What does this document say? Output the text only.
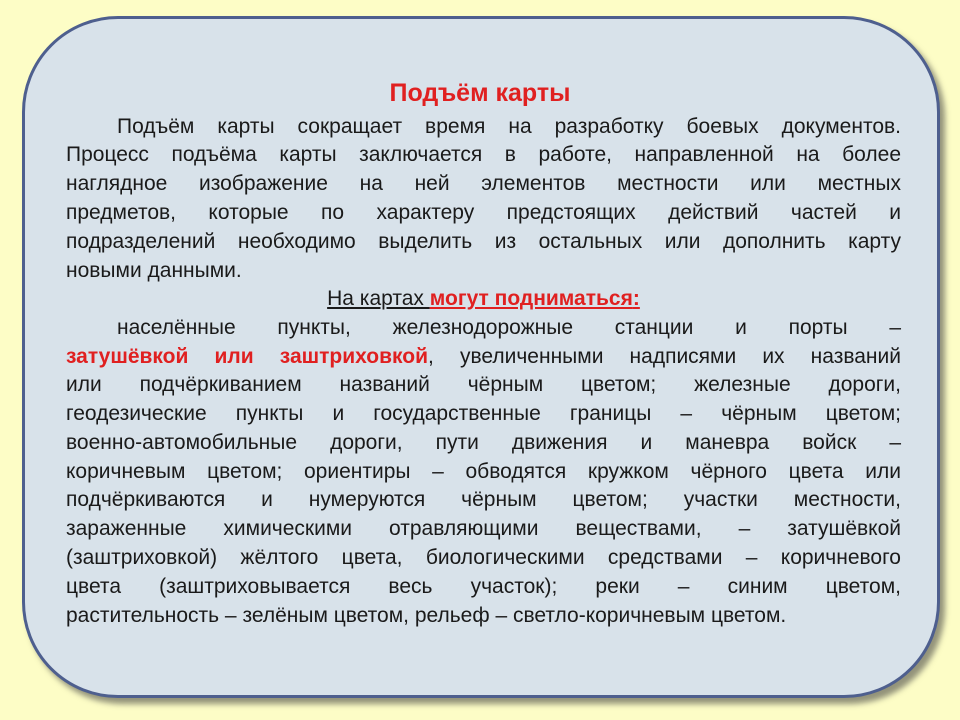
Подъём карты
Подъём карты сокращает время на разработку боевых документов.
Процесс подъёма карты заключается в работе, направленной на более
наглядное изображение на ней элементов местности или местных
предметов, которые по характеру предстоящих действий частей и
подразделений необходимо выделить из остальных или дополнить карту
новыми данными.
На картах могут подниматься:
населённые пункты, железнодорожные станции и порты –
затушёвкой или заштриховкой, увеличенными надписями их названий
или подчёркиванием названий чёрным цветом; железные дороги,
геодезические пункты и государственные границы – чёрным цветом;
военно-автомобильные дороги, пути движения и маневра войск –
коричневым цветом; ориентиры – обводятся кружком чёрного цвета или
подчёркиваются и нумеруются чёрным цветом; участки местности,
зараженные химическими отравляющими веществами, – затушёвкой
(заштриховкой) жёлтого цвета, биологическими средствами – коричневого
цвета (заштриховывается весь участок); реки – синим цветом,
растительность – зелёным цветом, рельеф – светло-коричневым цветом.
